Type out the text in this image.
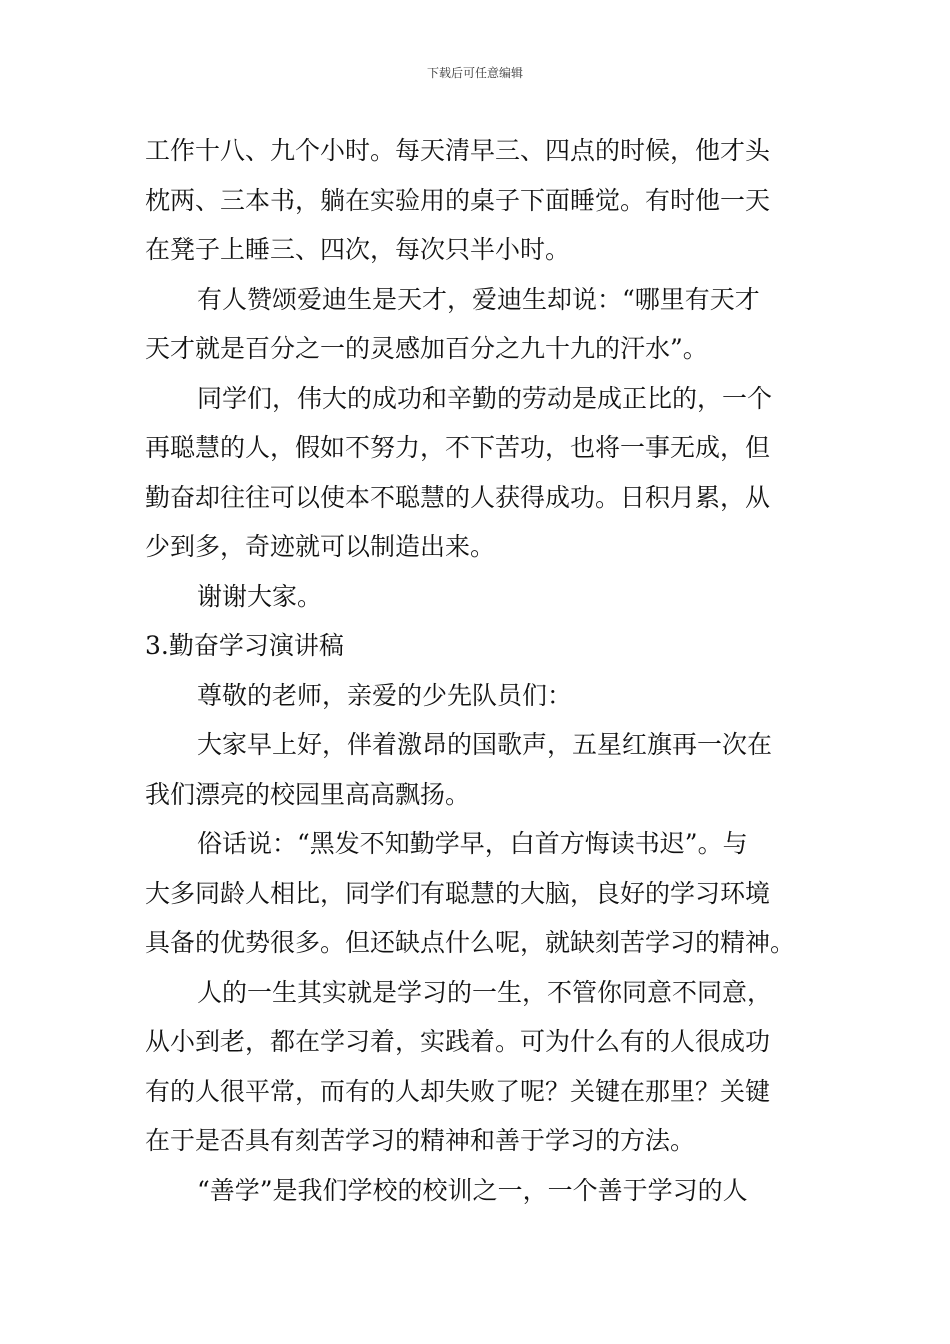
下载后可任意编辑
工作十八、九个小时。每天清早三、四点的时候，他才头
枕两、三本书，躺在实验用的桌子下面睡觉。有时他一天
在凳子上睡三、四次，每次只半小时。
有人赞颂爱迪生是天才，爱迪生却说：“哪里有天才
天才就是百分之一的灵感加百分之九十九的汗水”。
同学们，伟大的成功和辛勤的劳动是成正比的，一个
再聪慧的人，假如不努力，不下苦功，也将一事无成，但
勤奋却往往可以使本不聪慧的人获得成功。日积月累，从
少到多，奇迹就可以制造出来。
谢谢大家。
3.勤奋学习演讲稿
尊敬的老师，亲爱的少先队员们：
大家早上好，伴着激昂的国歌声，五星红旗再一次在
我们漂亮的校园里高高飘扬。
俗话说：“黑发不知勤学早，白首方悔读书迟”。与
大多同龄人相比，同学们有聪慧的大脑，良好的学习环境
具备的优势很多。但还缺点什么呢，就缺刻苦学习的精神。
人的一生其实就是学习的一生，不管你同意不同意，
从小到老，都在学习着，实践着。可为什么有的人很成功
有的人很平常，而有的人却失败了呢？关键在那里？关键
在于是否具有刻苦学习的精神和善于学习的方法。
“善学”是我们学校的校训之一，一个善于学习的人
